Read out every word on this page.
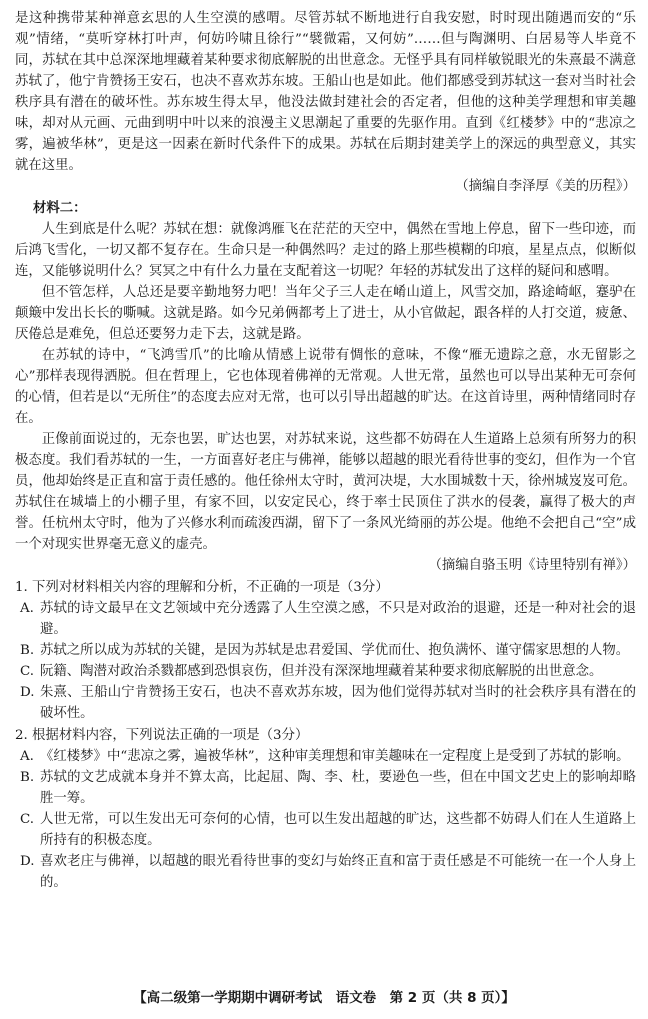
是这种携带某种禅意玄思的人生空漠的感喟。尽管苏轼不断地进行自我安慰，时时现出随遇而安的“乐观”情绪，“莫听穿林打叶声，何妨吟啸且徐行”“襞微霜，又何妨”……但与陶渊明、白居易等人毕竟不同，苏轼在其中总深深地埋藏着某种要求彻底解脱的出世意念。无怪乎具有同样敏锐眼光的朱熹最不满意苏轼了，他宁肯赞扬王安石，也决不喜欢苏东坡。王船山也是如此。他们都感受到苏轼这一套对当时社会秩序具有潜在的破坏性。苏东坡生得太早，他没法做封建社会的否定者，但他的这种美学理想和审美趣味，却对从元画、元曲到明中叶以来的浪漫主义思潮起了重要的先驱作用。直到《红楼梦》中的“悲凉之雾，遍被华林”，更是这一因素在新时代条件下的成果。苏轼在后期封建美学上的深远的典型意义，其实就在这里。

（摘编自李泽厚《美的历程》）

材料二：

人生到底是什么呢？苏轼在想：就像鸿雁飞在茫茫的天空中，偶然在雪地上停息，留下一些印迹，而后鸿飞雪化，一切又都不复存在。生命只是一种偶然吗？走过的路上那些模糊的印痕，星星点点，似断似连，又能够说明什么？冥冥之中有什么力量在支配着这一切呢？年轻的苏轼发出了这样的疑问和感喟。

但不管怎样，人总还是要辛勤地努力吧！当年父子三人走在崤山道上，风雪交加，路途崎岖，蹇驴在颠簸中发出长长的嘶喊。这就是路。如今兄弟俩都考上了进士，从小官做起，跟各样的人打交道，疲惫、厌倦总是难免，但总还要努力走下去，这就是路。

在苏轼的诗中，“飞鸿雪爪”的比喻从情感上说带有惆怅的意味，不像“雁无遗踪之意，水无留影之心”那样表现得洒脱。但在哲理上，它也体现着佛禅的无常观。人世无常，虽然也可以导出某种无可奈何的心情，但若是以“无所住”的态度去应对无常，也可以引导出超越的旷达。在这首诗里，两种情绪同时存在。

正像前面说过的，无奈也罢，旷达也罢，对苏轼来说，这些都不妨碍在人生道路上总须有所努力的积极态度。我们看苏轼的一生，一方面喜好老庄与佛禅，能够以超越的眼光看待世事的变幻，但作为一个官员，他却始终是正直和富于责任感的。他任徐州太守时，黄河决堤，大水围城数十天，徐州城岌岌可危。苏轼住在城墙上的小棚子里，有家不回，以安定民心，终于率士民顶住了洪水的侵袭，赢得了极大的声誉。任杭州太守时，他为了兴修水利而疏浚西湖，留下了一条风光绮丽的苏公堤。他绝不会把自己“空”成一个对现实世界毫无意义的虚壳。

（摘编自骆玉明《诗里特别有禅》）

1. 下列对材料相关内容的理解和分析，不正确的一项是（3分）

A. 苏轼的诗文最早在文艺领域中充分透露了人生空漠之感，不只是对政治的退避，还是一种对社会的退避。
B. 苏轼之所以成为苏轼的关键，是因为苏轼是忠君爱国、学优而仕、抱负满怀、谨守儒家思想的人物。
C. 阮籍、陶潜对政治杀戮都感到恐惧哀伤，但并没有深深地埋藏着某种要求彻底解脱的出世意念。
D. 朱熹、王船山宁肯赞扬王安石，也决不喜欢苏东坡，因为他们觉得苏轼对当时的社会秩序具有潜在的破坏性。

2. 根据材料内容，下列说法正确的一项是（3分）

A. 《红楼梦》中“悲凉之雾，遍被华林”，这种审美理想和审美趣味在一定程度上是受到了苏轼的影响。
B. 苏轼的文艺成就本身并不算太高，比起屈、陶、李、杜，要逊色一些，但在中国文艺史上的影响却略胜一筹。
C. 人世无常，可以生发出无可奈何的心情，也可以生发出超越的旷达，这些都不妨碍人们在人生道路上所持有的积极态度。
D. 喜欢老庄与佛禅，以超越的眼光看待世事的变幻与始终正直和富于责任感是不可能统一在一个人身上的。
【高二级第一学期期中调研考试　语文卷　第 2 页（共 8 页）】
